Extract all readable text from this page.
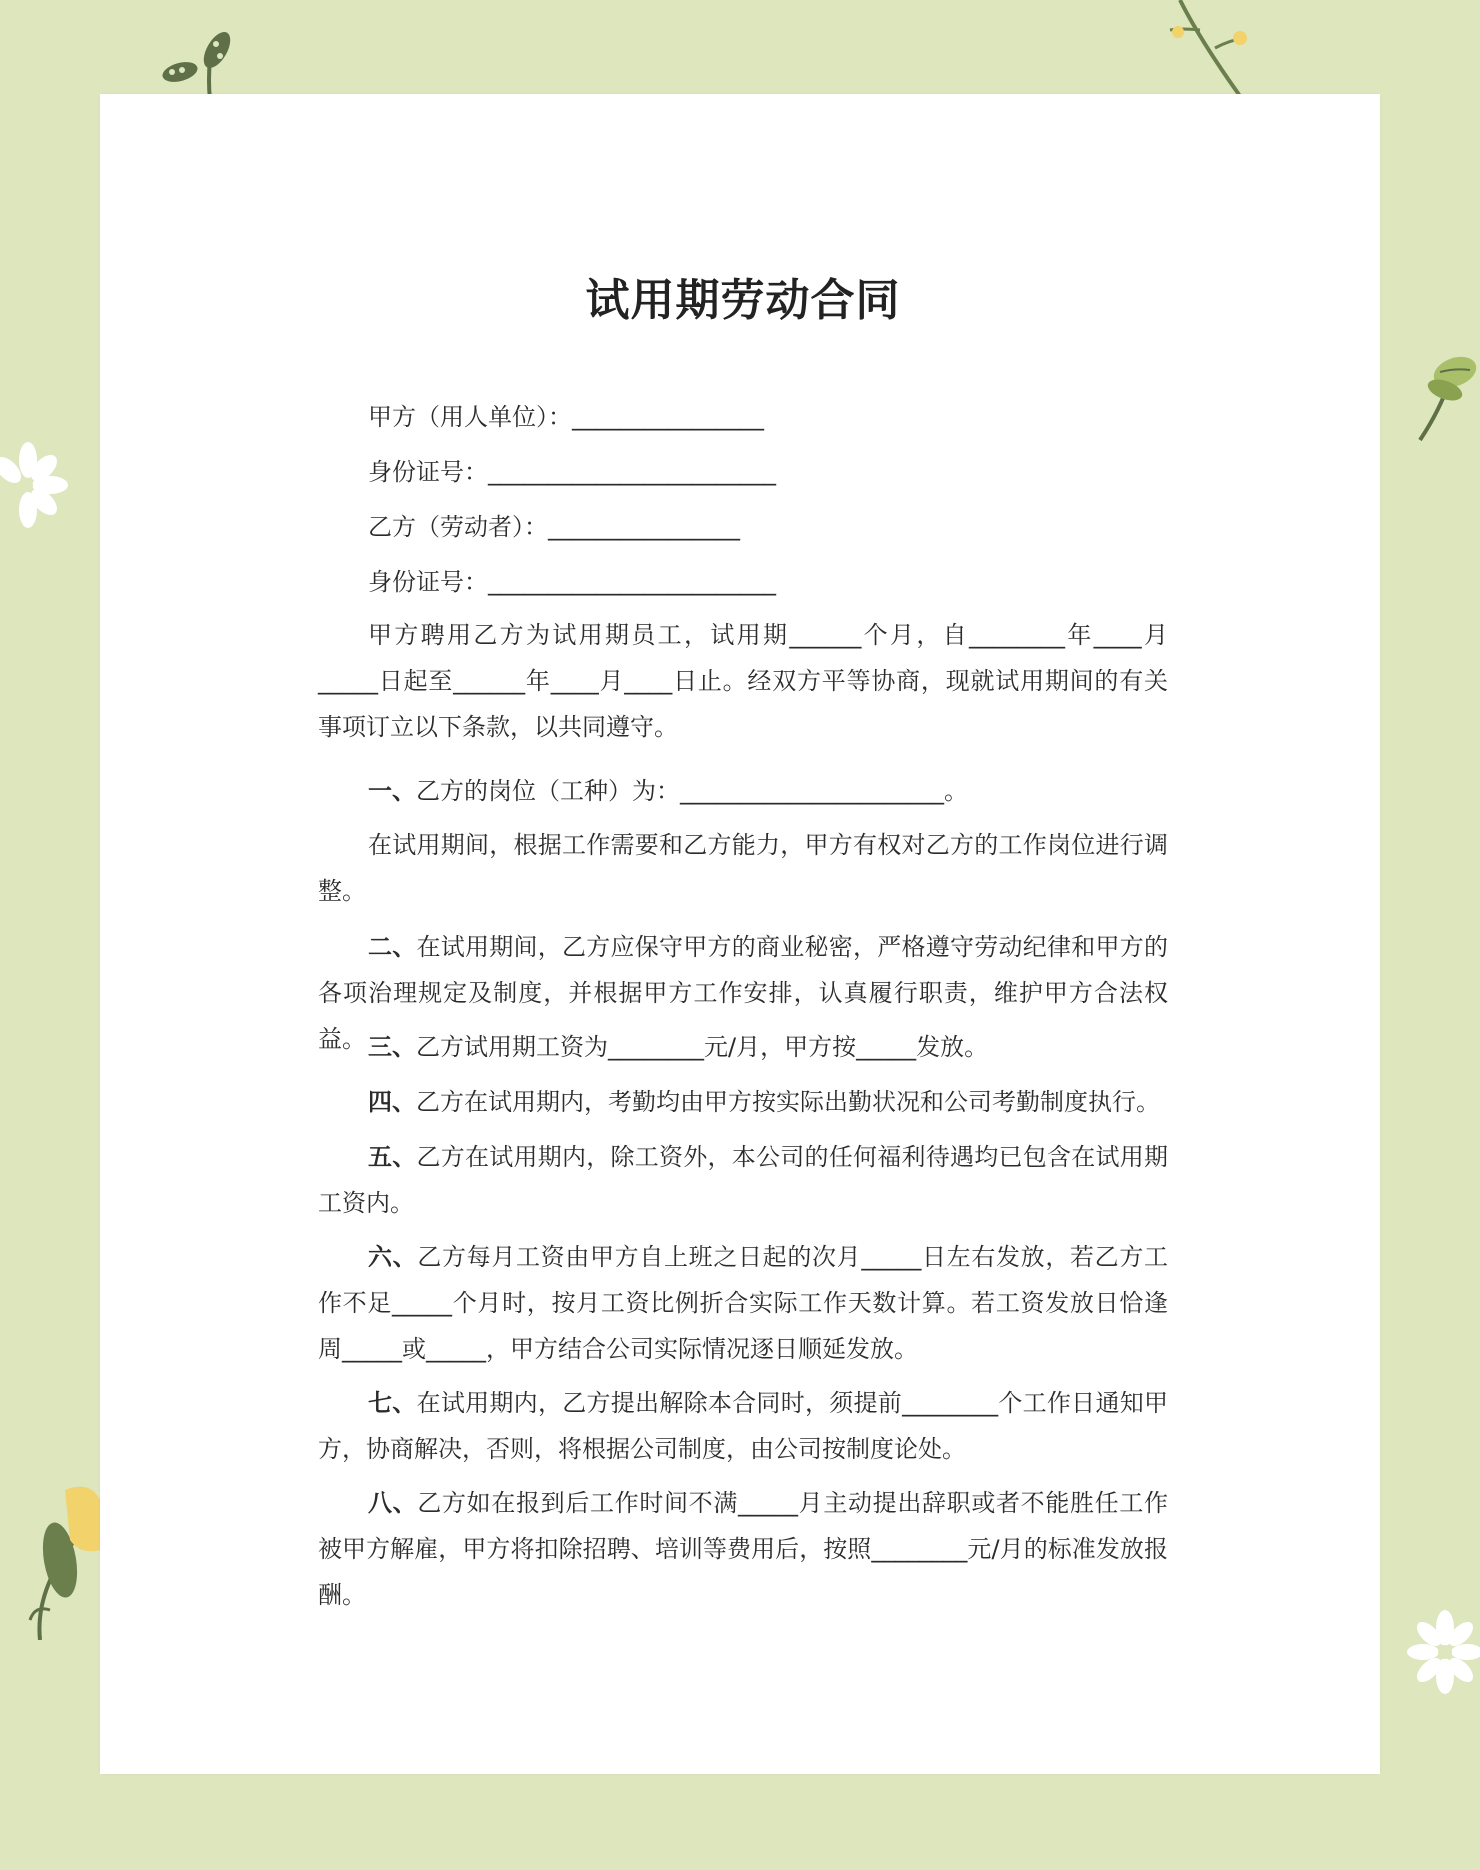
试用期劳动合同

甲方（用人单位）：________________

身份证号：________________________

乙方（劳动者）：________________

身份证号：________________________

甲方聘用乙方为试用期员工，试用期______个月，自________年____月_____日起至______年____月____日止。经双方平等协商，现就试用期间的有关事项订立以下条款，以共同遵守。

一、乙方的岗位（工种）为：______________________。

在试用期间，根据工作需要和乙方能力，甲方有权对乙方的工作岗位进行调整。

二、在试用期间，乙方应保守甲方的商业秘密，严格遵守劳动纪律和甲方的各项治理规定及制度，并根据甲方工作安排，认真履行职责，维护甲方合法权益。 三、乙方试用期工资为________元/月，甲方按_____发放。

四、乙方在试用期内，考勤均由甲方按实际出勤状况和公司考勤制度执行。

五、乙方在试用期内，除工资外，本公司的任何福利待遇均已包含在试用期工资内。

六、乙方每月工资由甲方自上班之日起的次月_____日左右发放，若乙方工作不足_____个月时，按月工资比例折合实际工作天数计算。若工资发放日恰逢周_____或_____，甲方结合公司实际情况逐日顺延发放。

七、在试用期内，乙方提出解除本合同时，须提前________个工作日通知甲方，协商解决，否则，将根据公司制度，由公司按制度论处。

八、乙方如在报到后工作时间不满_____月主动提出辞职或者不能胜任工作被甲方解雇，甲方将扣除招聘、培训等费用后，按照________元/月的标准发放报酬。
